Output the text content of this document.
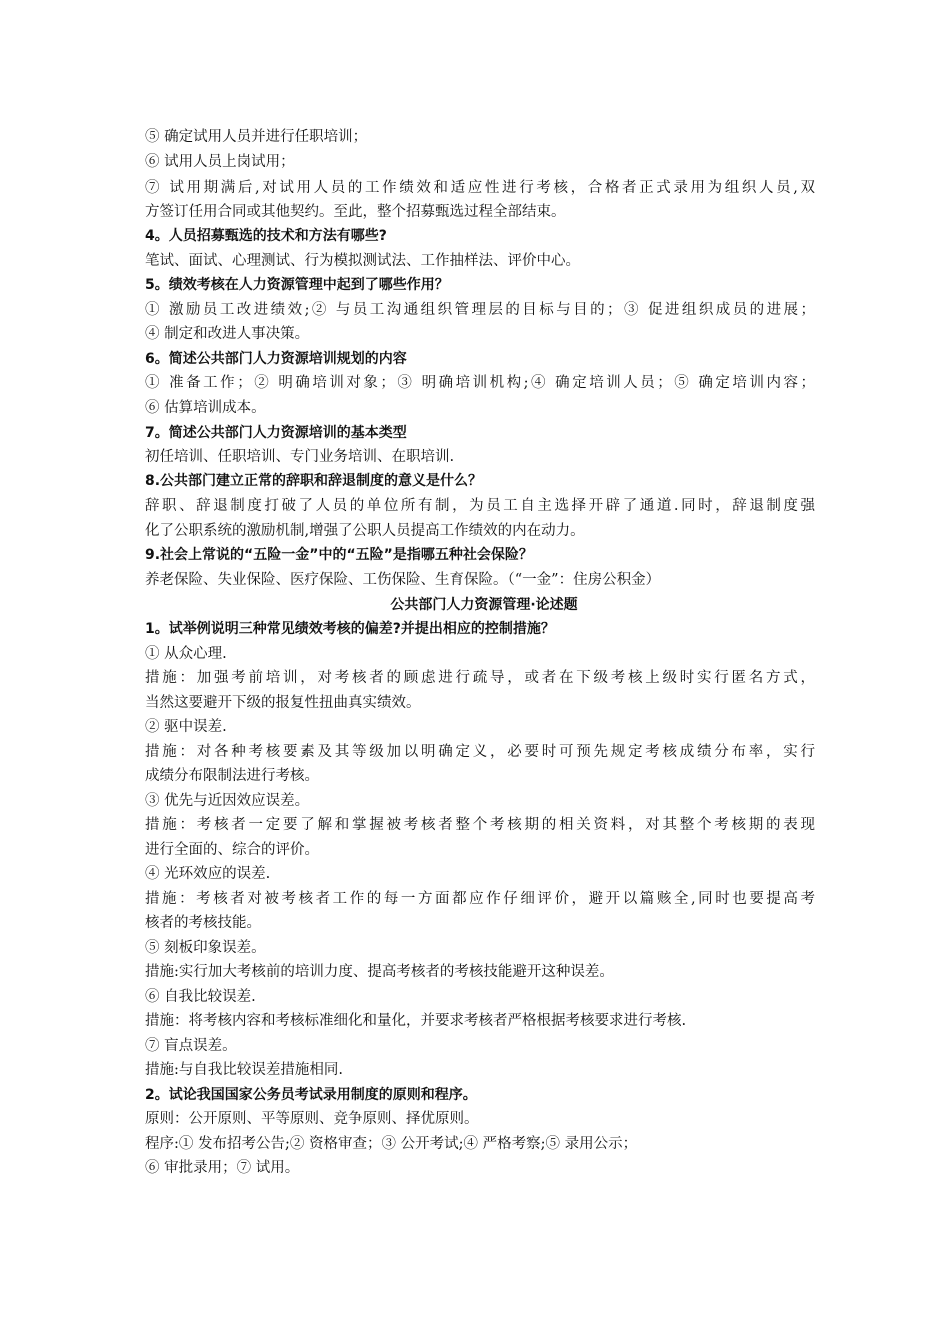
⑤ 确定试用人员并进行任职培训；
⑥ 试用人员上岗试用；
⑦ 试用期满后,对试用人员的工作绩效和适应性进行考核，合格者正式录用为组织人员,双
方签订任用合同或其他契约。至此，整个招募甄选过程全部结束。
4。人员招募甄选的技术和方法有哪些?
笔试、面试、心理测试、行为模拟测试法、工作抽样法、评价中心。
5。绩效考核在人力资源管理中起到了哪些作用？
① 激励员工改进绩效;② 与员工沟通组织管理层的目标与目的；③ 促进组织成员的进展；
④ 制定和改进人事决策。
6。简述公共部门人力资源培训规划的内容
① 准备工作；② 明确培训对象；③ 明确培训机构;④ 确定培训人员；⑤ 确定培训内容；
⑥ 估算培训成本。
7。简述公共部门人力资源培训的基本类型
初任培训、任职培训、专门业务培训、在职培训.
8.公共部门建立正常的辞职和辞退制度的意义是什么？
辞职、辞退制度打破了人员的单位所有制，为员工自主选择开辟了通道.同时，辞退制度强
化了公职系统的激励机制,增强了公职人员提高工作绩效的内在动力。
9.社会上常说的“五险一金”中的“五险”是指哪五种社会保险？
养老保险、失业保险、医疗保险、工伤保险、生育保险。（“一金”：住房公积金）
公共部门人力资源管理·论述题
1。试举例说明三种常见绩效考核的偏差?并提出相应的控制措施？
① 从众心理.
措施：加强考前培训，对考核者的顾虑进行疏导，或者在下级考核上级时实行匿名方式，
当然这要避开下级的报复性扭曲真实绩效。
② 驱中误差.
措施：对各种考核要素及其等级加以明确定义，必要时可预先规定考核成绩分布率，实行
成绩分布限制法进行考核。
③ 优先与近因效应误差。
措施：考核者一定要了解和掌握被考核者整个考核期的相关资料，对其整个考核期的表现
进行全面的、综合的评价。
④ 光环效应的误差.
措施：考核者对被考核者工作的每一方面都应作仔细评价，避开以篇赅全,同时也要提高考
核者的考核技能。
⑤ 刻板印象误差。
措施:实行加大考核前的培训力度、提高考核者的考核技能避开这种误差。
⑥ 自我比较误差.
措施：将考核内容和考核标准细化和量化，并要求考核者严格根据考核要求进行考核.
⑦ 盲点误差。
措施:与自我比较误差措施相同.
2。试论我国国家公务员考试录用制度的原则和程序。
原则：公开原则、平等原则、竞争原则、择优原则。
程序:① 发布招考公告;② 资格审查；③ 公开考试;④ 严格考察;⑤ 录用公示；
⑥ 审批录用；⑦ 试用。
